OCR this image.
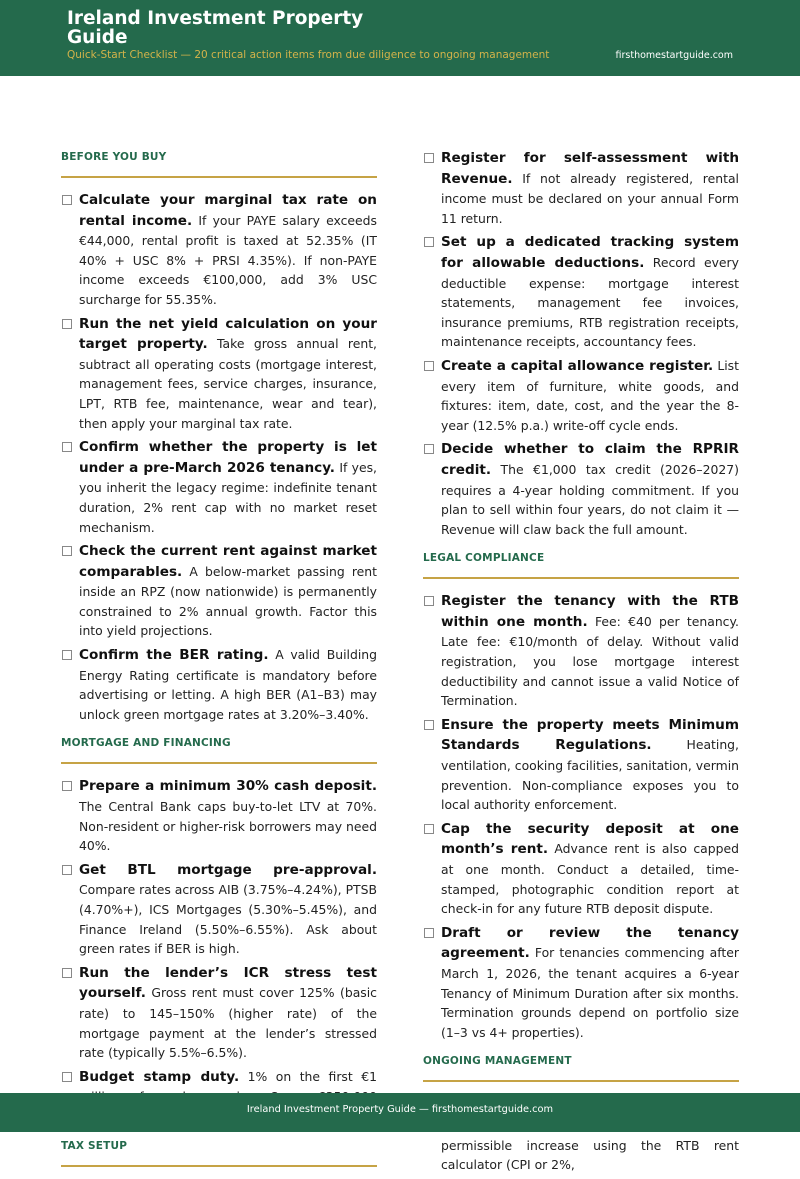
BEFORE YOU BUY
Calculate your marginal tax rate on rental income. If your PAYE salary exceeds €44,000, rental profit is taxed at 52.35% (IT 40% + USC 8% + PRSI 4.35%). If non-PAYE income exceeds €100,000, add 3% USC surcharge for 55.35%.
Run the net yield calculation on your target property. Take gross annual rent, subtract all operating costs (mortgage interest, management fees, service charges, insurance, LPT, RTB fee, maintenance, wear and tear), then apply your marginal tax rate.
Confirm whether the property is let under a pre-March 2026 tenancy. If yes, you inherit the legacy regime: indefinite tenant duration, 2% rent cap with no market reset mechanism.
Check the current rent against market comparables. A below-market passing rent inside an RPZ (now nationwide) is permanently constrained to 2% annual growth. Factor this into yield projections.
Confirm the BER rating. A valid Building Energy Rating certificate is mandatory before advertising or letting. A high BER (A1–B3) may unlock green mortgage rates at 3.20%–3.40%.
MORTGAGE AND FINANCING
Prepare a minimum 30% cash deposit. The Central Bank caps buy-to-let LTV at 70%. Non-resident or higher-risk borrowers may need 40%.
Get BTL mortgage pre-approval. Compare rates across AIB (3.75%–4.24%), PTSB (4.70%+), ICS Mortgages (5.30%–5.45%), and Finance Ireland (5.50%–6.55%). Ask about green rates if BER is high.
Run the lender’s ICR stress test yourself. Gross rent must cover 125% (basic rate) to 145–150% (higher rate) of the mortgage payment at the lender’s stressed rate (typically 5.5%–6.5%).
Budget stamp duty. 1% on the first €1
TAX SETUP
Register for self-assessment with Revenue. If not already registered, rental income must be declared on your annual Form 11 return.
Set up a dedicated tracking system for allowable deductions. Record every deductible expense: mortgage interest statements, management fee invoices, insurance premiums, RTB registration receipts, maintenance receipts, accountancy fees.
Create a capital allowance register. List every item of furniture, white goods, and fixtures: item, date, cost, and the year the 8-year (12.5% p.a.) write-off cycle ends.
Decide whether to claim the RPRIR credit. The €1,000 tax credit (2026–2027) requires a 4-year holding commitment. If you plan to sell within four years, do not claim it — Revenue will claw back the full amount.
LEGAL COMPLIANCE
Register the tenancy with the RTB within one month. Fee: €40 per tenancy. Late fee: €10/month of delay. Without valid registration, you lose mortgage interest deductibility and cannot issue a valid Notice of Termination.
Ensure the property meets Minimum Standards Regulations.	Heating, ventilation, cooking facilities, sanitation, vermin prevention. Non-compliance exposes you to local authority enforcement.
Cap the security deposit at one month’s rent. Advance rent is also capped at one month. Conduct a detailed, time-stamped, photographic condition report at check-in for any future RTB deposit dispute.
Draft or review the tenancy agreement. For tenancies commencing after March 1, 2026, the tenant acquires a 6-year Tenancy of Minimum Duration after six months. Termination grounds depend on portfolio size (1–3 vs 4+ properties).
ONGOING MANAGEMENT
permissible increase using the RTB rent calculator (CPI or 2%,
Ireland Investment Property Guide
Quick-Start Checklist — 20 critical action items from due diligence to ongoing management	firsthomestartguide.com
Ireland Investment Property Guide — firsthomestartguide.com
